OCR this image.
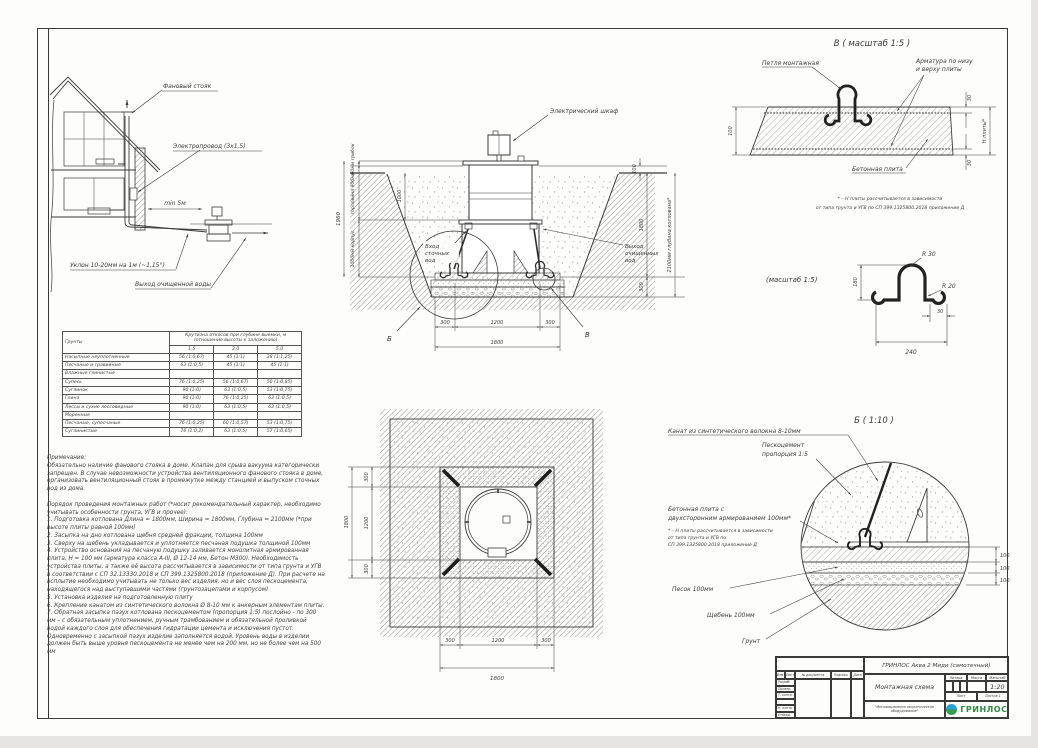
min 5м
Фановый стояк
Электропровод (3х1,5)
Уклон 10-20мм на 1м (~1,15°)
Выход очищенной воды
Б	В
Электрический шкаф
Вход
сточных
вод
Выход
очищенных
вод
1960
60мм грибок
горловина 900мм
1000мм корпус
1000
100
1800
300
2100мм глубина котлована*
300	1200	300
1800
1800
300
1200
300
300	1200	300
1800
В ( масштаб 1:5 )
Петля монтажная	Арматура по низу
и верху плиты
Бетонная плита
100
30
30
Н плиты*
* – Н плиты рассчитывается в зависимости
от типа грунта и УГВ по СП 399.1325800.2018 приложение Д
(масштаб 1:5)
R 30
R 20
180
30
240
Б ( 1:10 )
Канат из синтетического волокна 8-10мм
Пескоцемент
пропорция 1:5
Бетонная плита с
двухсторонним армированием 100мм*
* – Н плиты рассчитывается в зависимости
от типа грунта и УГВ по
СП 399.1325800.2018 приложение Д
Песок 100мм
Щебень 100мм
Грунт
100
100
100
Грунты	Крутизна откосов при глубине выемки, м (отношение высоты к заложению)		
	1,5	3,0	5,0
Насыпные неуплотненные	56 (1:0,67)	45 (1:1)	38 (1:1,25)
Песчаные и гравийные	63 (1:0,5)	45 (1:1)	45 (1:1)
Влажные глинистые			
Супесь	76 (1:0,25)	56 (1:0,67)	50 (1:0,85)
Суглинок	90 (1:0)	63 (1:0,5)	53 (1:0,75)
Глина	90 (1:0)	76 (1:0,25)	63 (1:0,5)
Лессы и сухие лессовидные	90 (1:0)	63 (1:0,5)	63 (1:0,5)
Моренные			
Песчаные, супесчаные	76 (1:0,25)	60 (1:0,57)	53 (1:0,75)
Суглинистые	76 (1:0,2)	63 (1:0,5)	57 (1:0,65)
Примечание:
Обязательно наличие фанового стояка в доме. Клапан для срыва вакуума категорически запрещен. В случае невозможности устройства вентиляционного фанового стояка в доме, организовать вентиляционный стояк в промежутке между станцией и выпуском сточных вод из дома.
Порядок проведения монтажных работ (*носит рекомендательный характер, необходимо учитывать особенности грунта, УГВ и прочее):
1. Подготовка котлована Длина = 1800мм, Ширина = 1800мм, Глубина = 2100мм (*при высоте плиты равной 100мм)
2. Засыпка на дно котлована щебня средней фракции, толщина 100мм
3. Сверху на щебень укладывается и уплотняется песчаная подушка толщиной 100мм
4. Устройство основания на песчаную подушку заливается монолитная армированная плита, Н = 100 мм (арматура класса А-III, Ø 12-14 мм, Бетон М300). Необходимость устройства плиты, а также её высота рассчитывается в зависимости от типа грунта и УГВ в соответствии с СП 32.13330.2018 и СП 399.1325800.2018 (приложение Д). При расчете на всплытие необходимо учитывать не только вес изделия, но и вес слоя пескоцемента, находящегося над выступавшими частями (грунтозацепами и корпусом)
5. Установка изделия на подготовленную плиту
6. Крепление канатом из синтетического волокна Ø 8-10 мм к анкерным элементам плиты.
7. Обратная засыпка пазух котлована пескоцементом (пропорция 1:5) послойно - по 300 мм – с обязательным уплотнением, ручным трамбованием и обязательной проливкой водой каждого слоя для обеспечения гидратации цемента и исключения пустот. Одновременно с засыпкой пазух изделие заполняется водой. Уровень воды в изделии должен быть выше уровня пескоцемента не менее чем на 200 мм, но не более чем на 500 мм
Изм. Лист	№ документа	Подпись	Дата
Разраб.
Провер.
Т. контр.
Н. контр.
Утверд.
ГРИНЛОС Аква 2 Миди (самотечный)
Монтажная схема
Литера	Масса	Масштаб
1:20
Лист	Листов 1
"Инновационное экологическое оборудование"	ГРИНЛОС
